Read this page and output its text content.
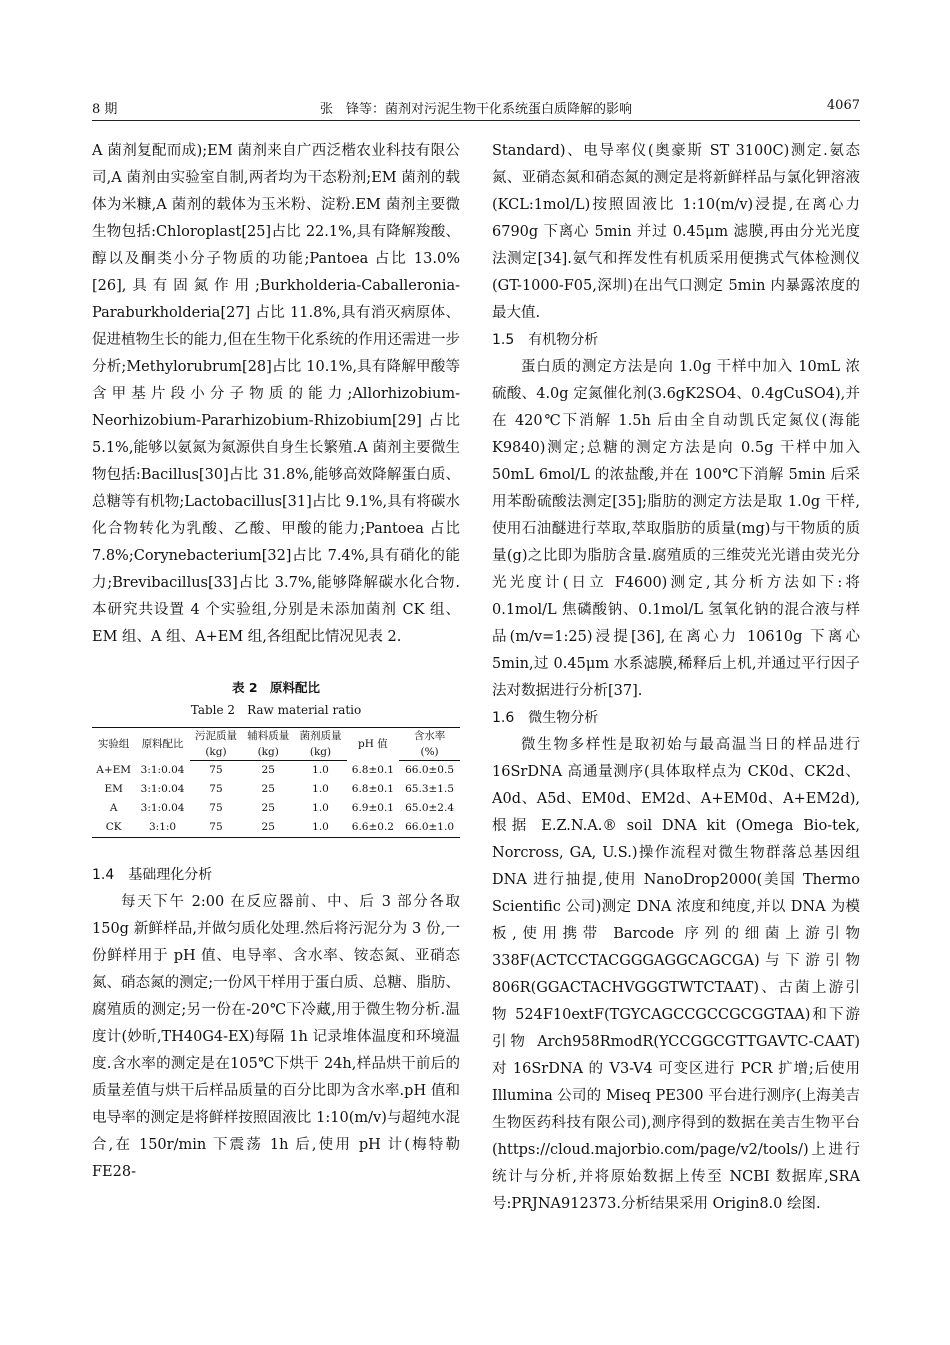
8 期	张　锋等：菌剂对污泥生物干化系统蛋白质降解的影响	4067

A 菌剂复配而成);EM 菌剂来自广西泛楷农业科技有限公司,A 菌剂由实验室自制,两者均为干态粉剂;EM 菌剂的载体为米糠,A 菌剂的载体为玉米粉、淀粉.EM 菌剂主要微生物包括:Chloroplast[25]占比 22.1%,具有降解羧酸、醇以及酮类小分子物质的功能;Pantoea 占比 13.0%[26],具有固氮作用;Burkholderia-Caballeronia-Paraburkholderia[27] 占比 11.8%,具有消灭病原体、促进植物生长的能力,但在生物干化系统的作用还需进一步分析;Methylorubrum[28]占比 10.1%,具有降解甲酸等含甲基片段小分子物质的能力;Allorhizobium-Neorhizobium-Pararhizobium-Rhizobium[29] 占比 5.1%,能够以氨氮为氮源供自身生长繁殖.A 菌剂主要微生物包括:Bacillus[30]占比 31.8%,能够高效降解蛋白质、总糖等有机物;Lactobacillus[31]占比 9.1%,具有将碳水化合物转化为乳酸、乙酸、甲酸的能力;Pantoea 占比 7.8%;Corynebacterium[32]占比 7.4%,具有硝化的能力;Brevibacillus[33]占比 3.7%,能够降解碳水化合物.本研究共设置 4 个实验组,分别是未添加菌剂 CK 组、EM 组、A 组、A+EM 组,各组配比情况见表 2.

表 2　原料配比
Table 2　Raw material ratio
实验组	原料配比	污泥质量	辅料质量	菌剂质量	pH 值	含水率
		(kg)	(kg)	(kg)		(%)
A+EM	3:1:0.04	75	25	1.0	6.8±0.1	66.0±0.5
EM	3:1:0.04	75	25	1.0	6.8±0.1	65.3±1.5
A	3:1:0.04	75	25	1.0	6.9±0.1	65.0±2.4
CK	3:1:0	75	25	1.0	6.6±0.2	66.0±1.0

1.4　基础理化分析

每天下午 2:00 在反应器前、中、后 3 部分各取 150g 新鲜样品,并做匀质化处理.然后将污泥分为 3 份,一份鲜样用于 pH 值、电导率、含水率、铵态氮、亚硝态氮、硝态氮的测定;一份风干样用于蛋白质、总糖、脂肪、腐殖质的测定;另一份在-20℃下冷藏,用于微生物分析.温度计(妙昕,TH40G4-EX)每隔 1h 记录堆体温度和环境温度.含水率的测定是在105℃下烘干 24h,样品烘干前后的质量差值与烘干后样品质量的百分比即为含水率.pH 值和电导率的测定是将鲜样按照固液比 1:10(m/v)与超纯水混合,在 150r/min 下震荡 1h 后,使用 pH 计(梅特勒 FE28-

Standard)、电导率仪(奥豪斯 ST 3100C)测定.氨态氮、亚硝态氮和硝态氮的测定是将新鲜样品与氯化钾溶液(KCL:1mol/L)按照固液比 1:10(m/v)浸提,在离心力 6790g 下离心 5min 并过 0.45μm 滤膜,再由分光光度法测定[34].氨气和挥发性有机质采用便携式气体检测仪(GT-1000-F05,深圳)在出气口测定 5min 内暴露浓度的最大值.

1.5　有机物分析

蛋白质的测定方法是向 1.0g 干样中加入 10mL 浓硫酸、4.0g 定氮催化剂(3.6gK2SO4、0.4gCuSO4),并在 420℃下消解 1.5h 后由全自动凯氏定氮仪(海能 K9840)测定;总糖的测定方法是向 0.5g 干样中加入 50mL 6mol/L 的浓盐酸,并在 100℃下消解 5min 后采用苯酚硫酸法测定[35];脂肪的测定方法是取 1.0g 干样,使用石油醚进行萃取,萃取脂肪的质量(mg)与干物质的质量(g)之比即为脂肪含量.腐殖质的三维荧光光谱由荧光分光光度计(日立 F4600)测定,其分析方法如下:将 0.1mol/L 焦磷酸钠、0.1mol/L 氢氧化钠的混合液与样品(m/v=1:25)浸提[36],在离心力 10610g 下离心 5min,过 0.45μm 水系滤膜,稀释后上机,并通过平行因子法对数据进行分析[37].

1.6　微生物分析

微生物多样性是取初始与最高温当日的样品进行 16SrDNA 高通量测序(具体取样点为 CK0d、CK2d、A0d、A5d、EM0d、EM2d、A+EM0d、A+EM2d),根据 E.Z.N.A.® soil DNA kit (Omega Bio-tek, Norcross, GA, U.S.)操作流程对微生物群落总基因组 DNA 进行抽提,使用 NanoDrop2000(美国 Thermo Scientific 公司)测定 DNA 浓度和纯度,并以 DNA 为模板,使用携带 Barcode 序列的细菌上游引物 338F(ACTCCTACGGGAGGCAGCGA)与下游引物 806R(GGACTACHVGGGTWTCTAAT)、古菌上游引物 524F10extF(TGYCAGCCGCCGCGGTAA)和下游引物 Arch958RmodR(YCCGGCGTTGAVTC-CAAT)对 16SrDNA 的 V3-V4 可变区进行 PCR 扩增;后使用 Illumina 公司的 Miseq PE300 平台进行测序(上海美吉生物医药科技有限公司),测序得到的数据在美吉生物平台(https://cloud.majorbio.com/page/v2/tools/)上进行统计与分析,并将原始数据上传至 NCBI 数据库,SRA 号:PRJNA912373.分析结果采用 Origin8.0 绘图.
